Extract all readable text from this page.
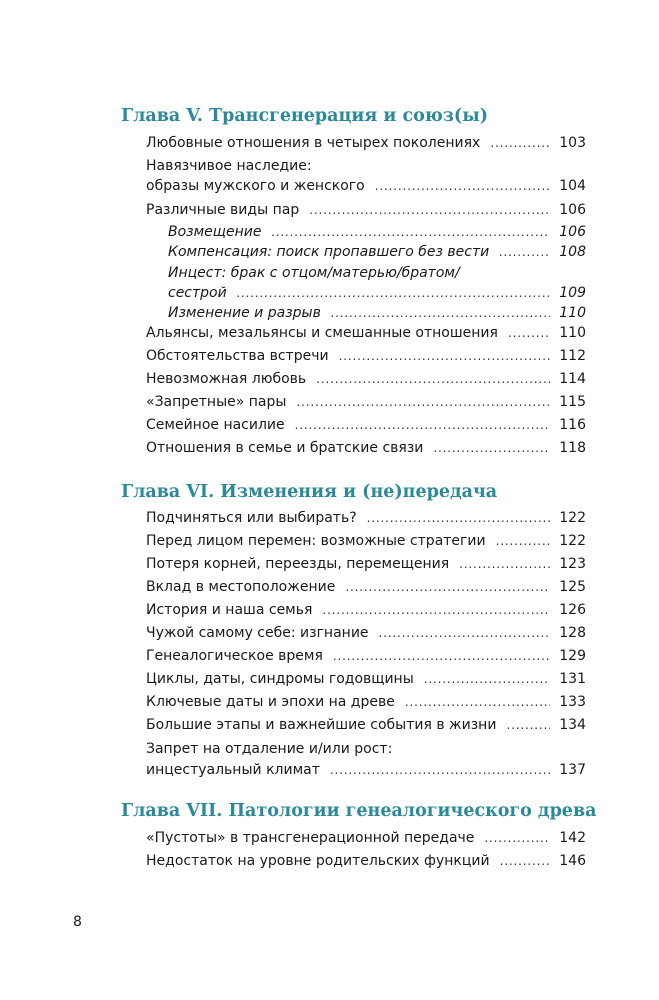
Глава V. Трансгенерация и союз(ы)
Любовные отношения в четырех поколениях . . .	103
Навязчивое наследие:
образы мужского и женского . . .	104
Различные виды пар . . .	106
Возмещение . . .	106
Компенсация: поиск пропавшего без вести . . .	108
Инцест: брак с отцом/матерью/братом/
сестрой . . .	109
Изменение и разрыв . . .	110
Альянсы, мезальянсы и смешанные отношения . . .	110
Обстоятельства встречи . . .	112
Невозможная любовь . . .	114
«Запретные» пары . . .	115
Семейное насилие . . .	116
Отношения в семье и братские связи . . .	118
Глава VI. Изменения и (не)передача
Подчиняться или выбирать? . . .	122
Перед лицом перемен: возможные стратегии . . .	122
Потеря корней, переезды, перемещения . . .	123
Вклад в местоположение . . .	125
История и наша семья . . .	126
Чужой самому себе: изгнание . . .	128
Генеалогическое время . . .	129
Циклы, даты, синдромы годовщины . . .	131
Ключевые даты и эпохи на древе . . .	133
Большие этапы и важнейшие события в жизни . . .	134
Запрет на отдаление и/или рост:
инцестуальный климат . . .	137
Глава VII. Патологии генеалогического древа
«Пустоты» в трансгенерационной передаче . . .	142
Недостаток на уровне родительских функций . . .	146
8
